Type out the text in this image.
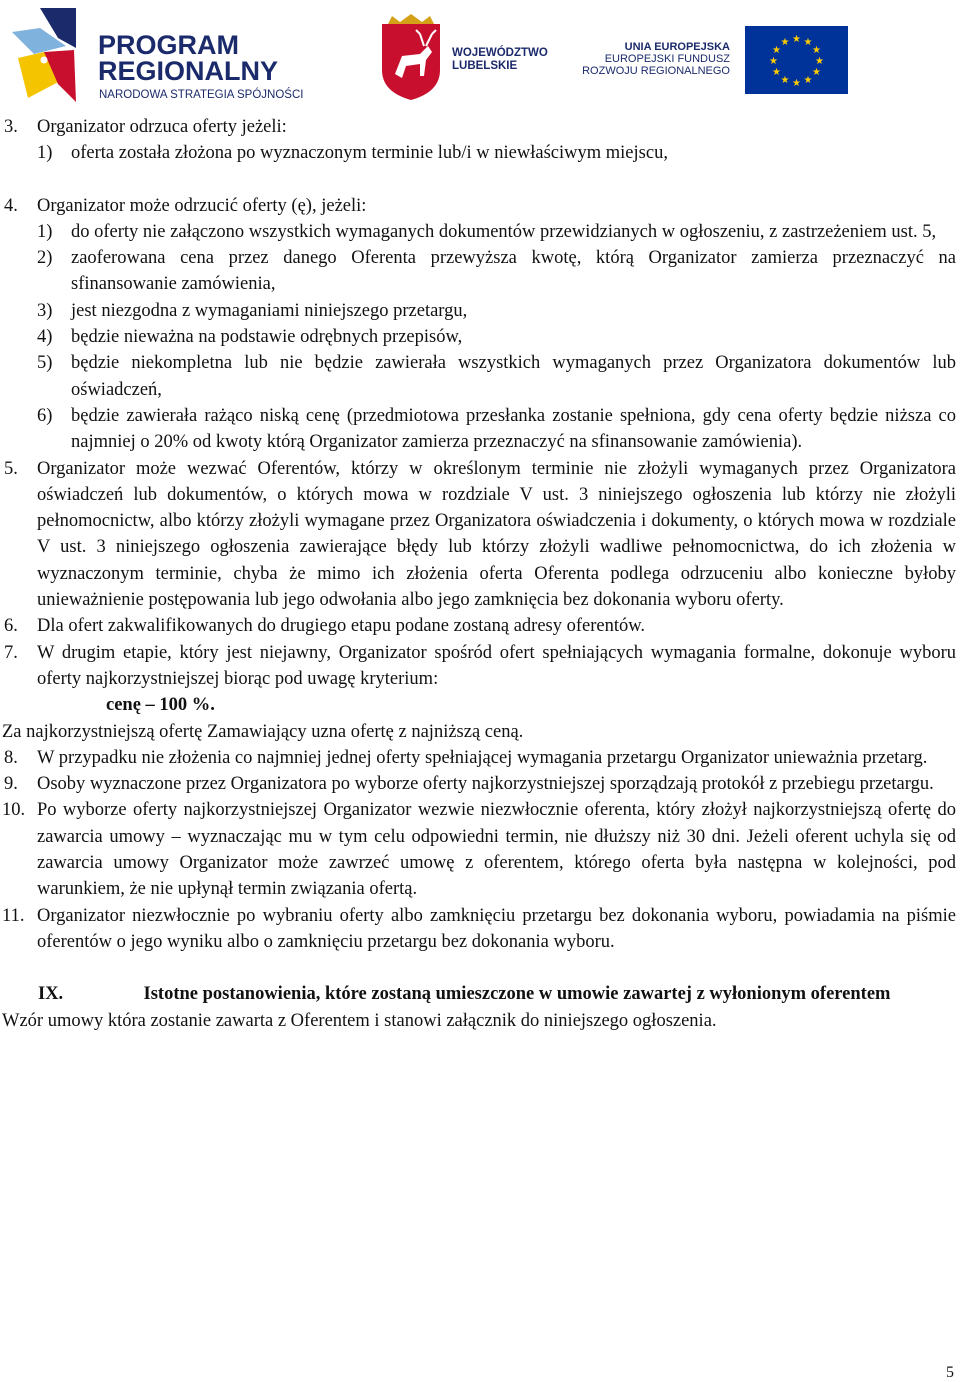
PROGRAM
REGIONALNY
NARODOWA STRATEGIA SPÓJNOŚCI
WOJEWÓDZTWO
LUBELSKIE
UNIA EUROPEJSKA
EUROPEJSKI FUNDUSZ
ROZWOJU REGIONALNEGO
★ ★
★
★
★
★
★
★
★
★
★
★
3. Organizator odrzuca oferty jeżeli:
1) oferta została złożona po wyznaczonym terminie lub/i w niewłaściwym miejscu,
4. Organizator może odrzucić oferty (ę), jeżeli:
1) do oferty nie załączono wszystkich wymaganych dokumentów przewidzianych w ogłoszeniu, z zastrzeżeniem ust. 5,
2) zaoferowana cena przez danego Oferenta przewyższa kwotę, którą Organizator zamierza przeznaczyć na sfinansowanie zamówienia,
3) jest niezgodna z wymaganiami niniejszego przetargu,
4) będzie nieważna na podstawie odrębnych przepisów,
5) będzie niekompletna lub nie będzie zawierała wszystkich wymaganych przez Organizatora dokumentów lub oświadczeń,
6) będzie zawierała rażąco niską cenę (przedmiotowa przesłanka zostanie spełniona, gdy cena oferty będzie niższa co najmniej o 20% od kwoty którą Organizator zamierza przeznaczyć na sfinansowanie zamówienia).
5. Organizator może wezwać Oferentów, którzy w określonym terminie nie złożyli wymaganych przez Organizatora oświadczeń lub dokumentów, o których mowa w rozdziale V ust. 3 niniejszego ogłoszenia lub którzy nie złożyli pełnomocnictw, albo którzy złożyli wymagane przez Organizatora oświadczenia i dokumenty, o których mowa w rozdziale V ust. 3 niniejszego ogłoszenia zawierające błędy lub którzy złożyli wadliwe pełnomocnictwa, do ich złożenia w wyznaczonym terminie, chyba że mimo ich złożenia oferta Oferenta podlega odrzuceniu albo konieczne byłoby unieważnienie postępowania lub jego odwołania albo jego zamknięcia bez dokonania wyboru oferty.
6. Dla ofert zakwalifikowanych do drugiego etapu podane zostaną adresy oferentów.
7. W drugim etapie, który jest niejawny, Organizator spośród ofert spełniających wymagania formalne, dokonuje wyboru oferty najkorzystniejszej biorąc pod uwagę kryterium:
cenę – 100 %.
Za najkorzystniejszą ofertę Zamawiający uzna ofertę z najniższą ceną.
8. W przypadku nie złożenia co najmniej jednej oferty spełniającej wymagania przetargu Organizator unieważnia przetarg.
9. Osoby wyznaczone przez Organizatora po wyborze oferty najkorzystniejszej sporządzają protokół z przebiegu przetargu.
10. Po wyborze oferty najkorzystniejszej Organizator wezwie niezwłocznie oferenta, który złożył najkorzystniejszą ofertę do zawarcia umowy – wyznaczając mu w tym celu odpowiedni termin, nie dłuższy niż 30 dni. Jeżeli oferent uchyla się od zawarcia umowy Organizator może zawrzeć umowę z oferentem, którego oferta była następna w kolejności, pod warunkiem, że nie upłynął termin związania ofertą.
11. Organizator niezwłocznie po wybraniu oferty albo zamknięciu przetargu bez dokonania wyboru, powiadamia na piśmie oferentów o jego wyniku albo o zamknięciu przetargu bez dokonania wyboru.
IX.	Istotne postanowienia, które zostaną umieszczone w umowie zawartej z wyłonionym oferentem
Wzór umowy która zostanie zawarta z Oferentem i stanowi załącznik do niniejszego ogłoszenia.
5
